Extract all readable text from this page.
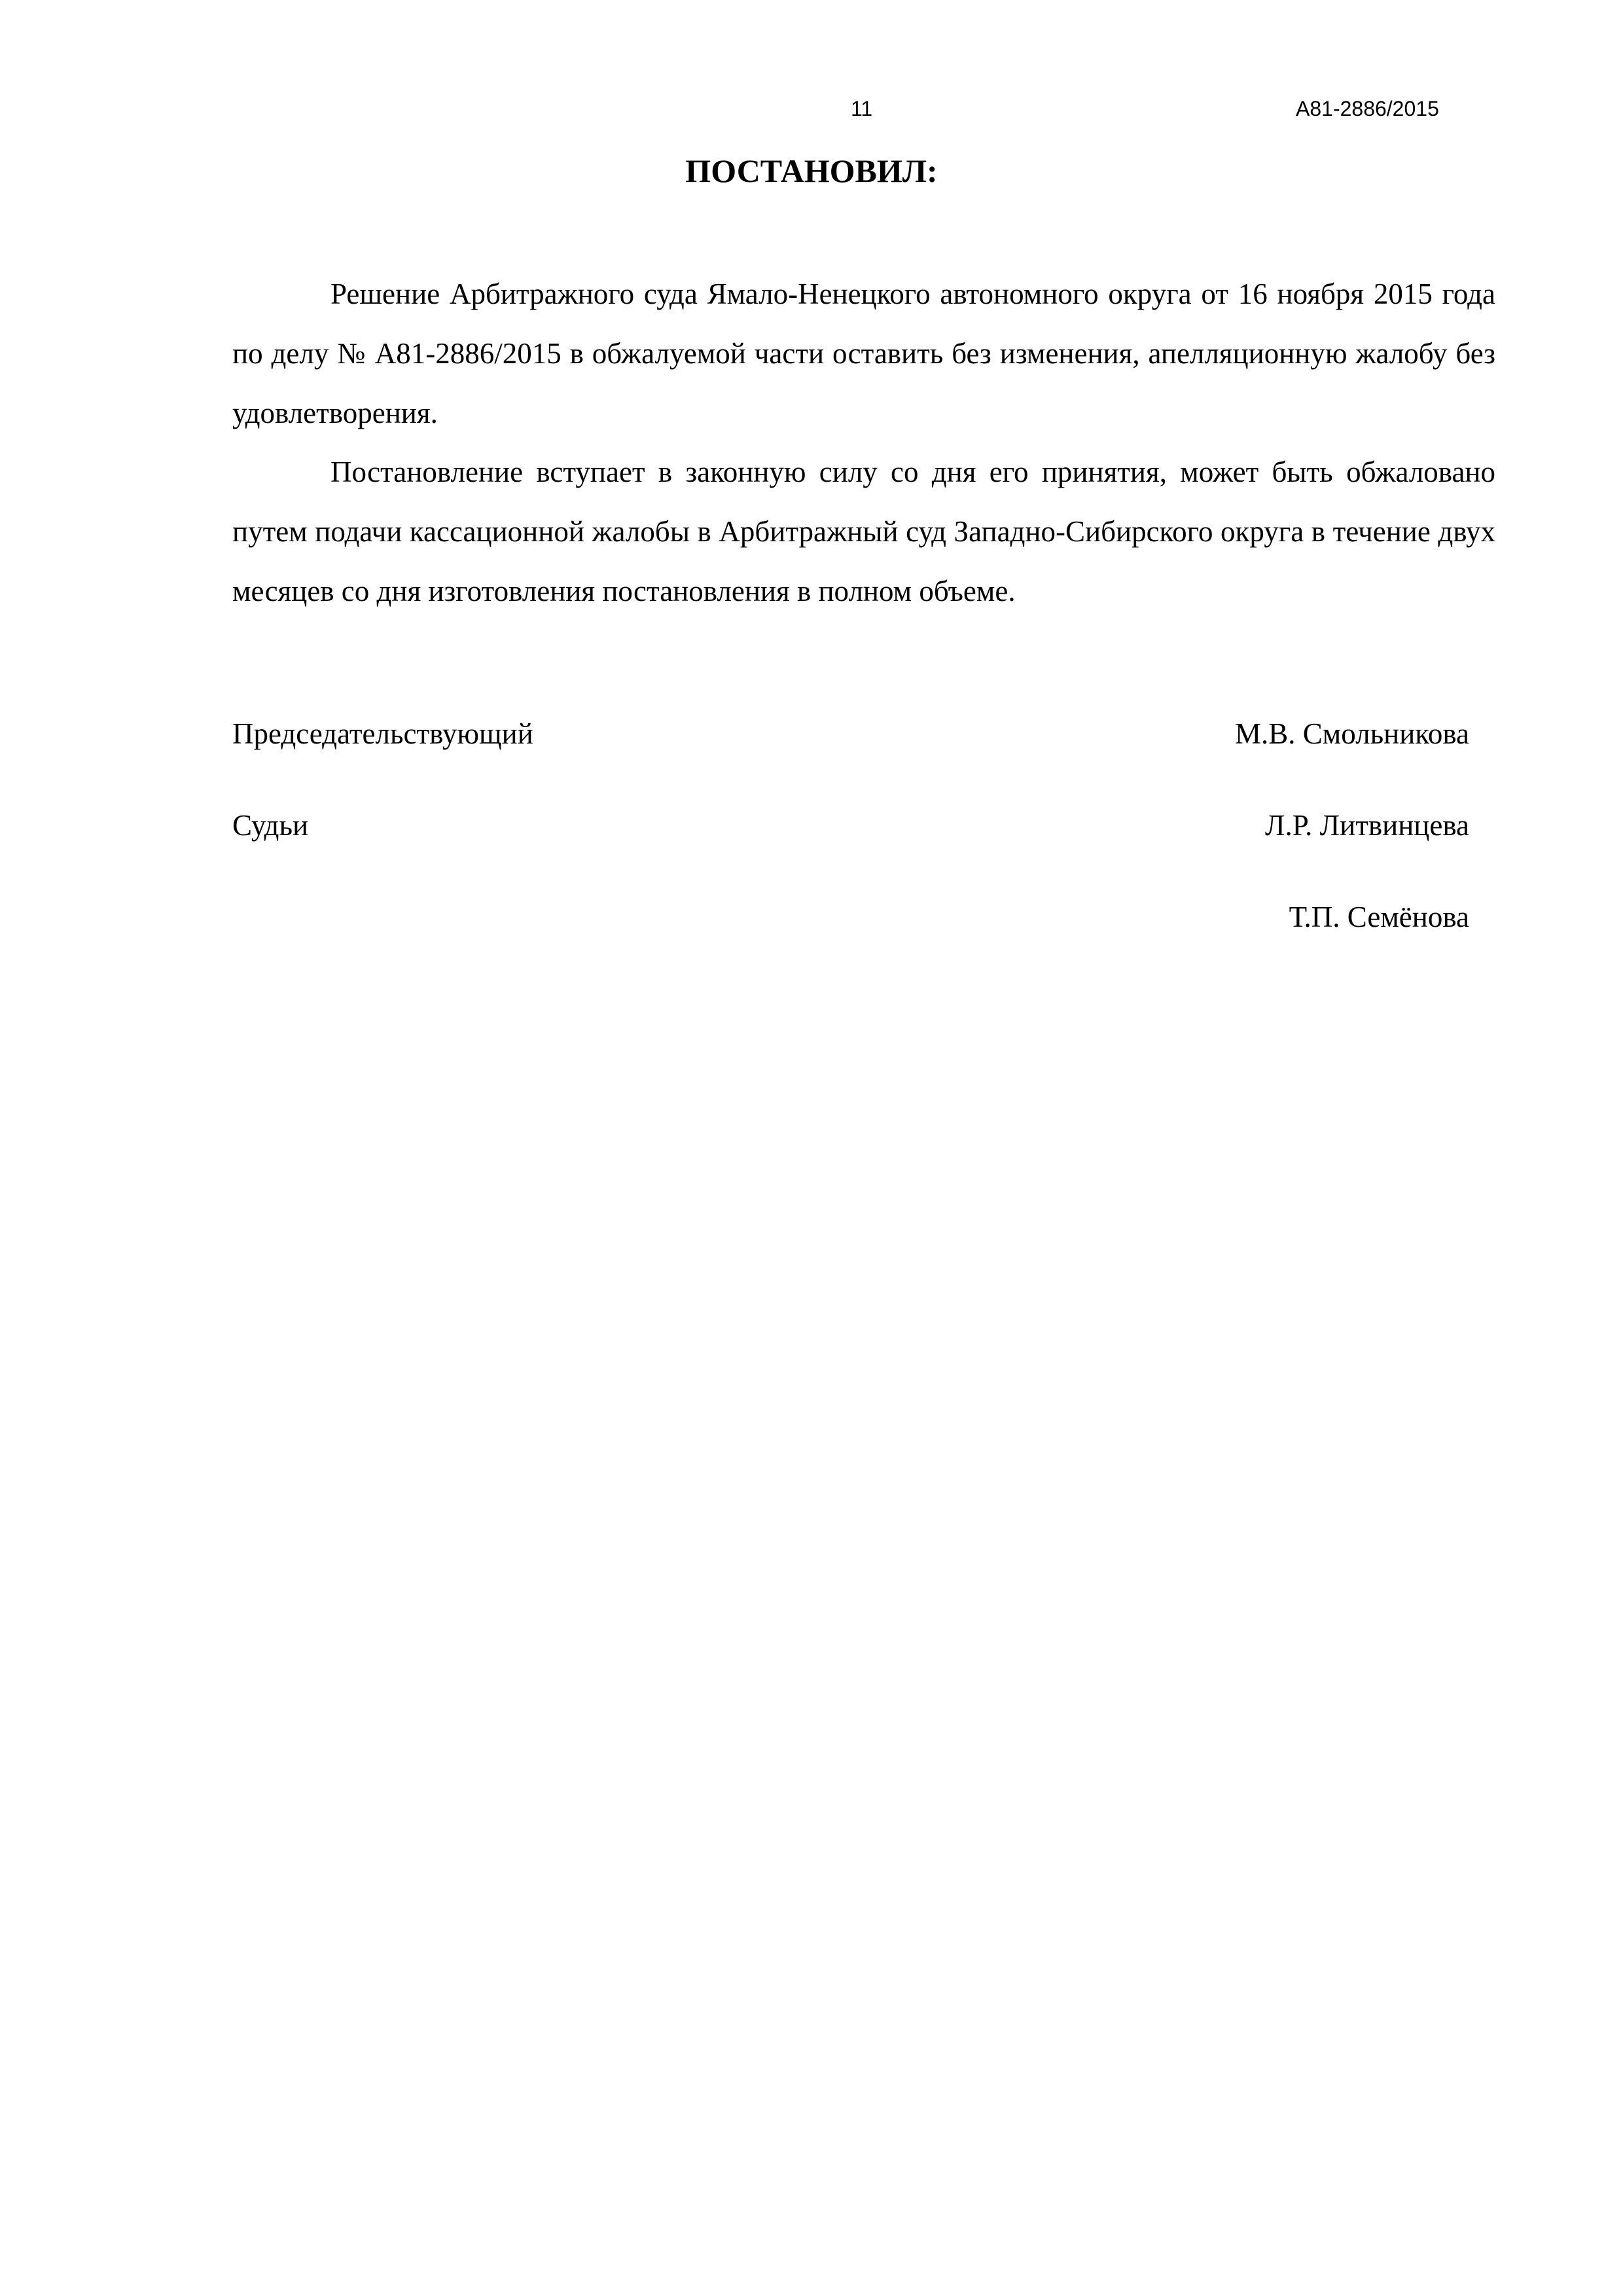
11	А81-2886/2015
ПОСТАНОВИЛ:

Решение Арбитражного суда Ямало-Ненецкого автономного округа от 16 ноября 2015 года по делу № А81-2886/2015 в обжалуемой части оставить без изменения, апелляционную жалобу без удовлетворения.

Постановление вступает в законную силу со дня его принятия, может быть обжаловано путем подачи кассационной жалобы в Арбитражный суд Западно-Сибирского округа в течение двух месяцев со дня изготовления постановления в полном объеме.

Председательствующий	М.В. Смольникова
Судьи	Л.Р. Литвинцева
Т.П. Семёнова
